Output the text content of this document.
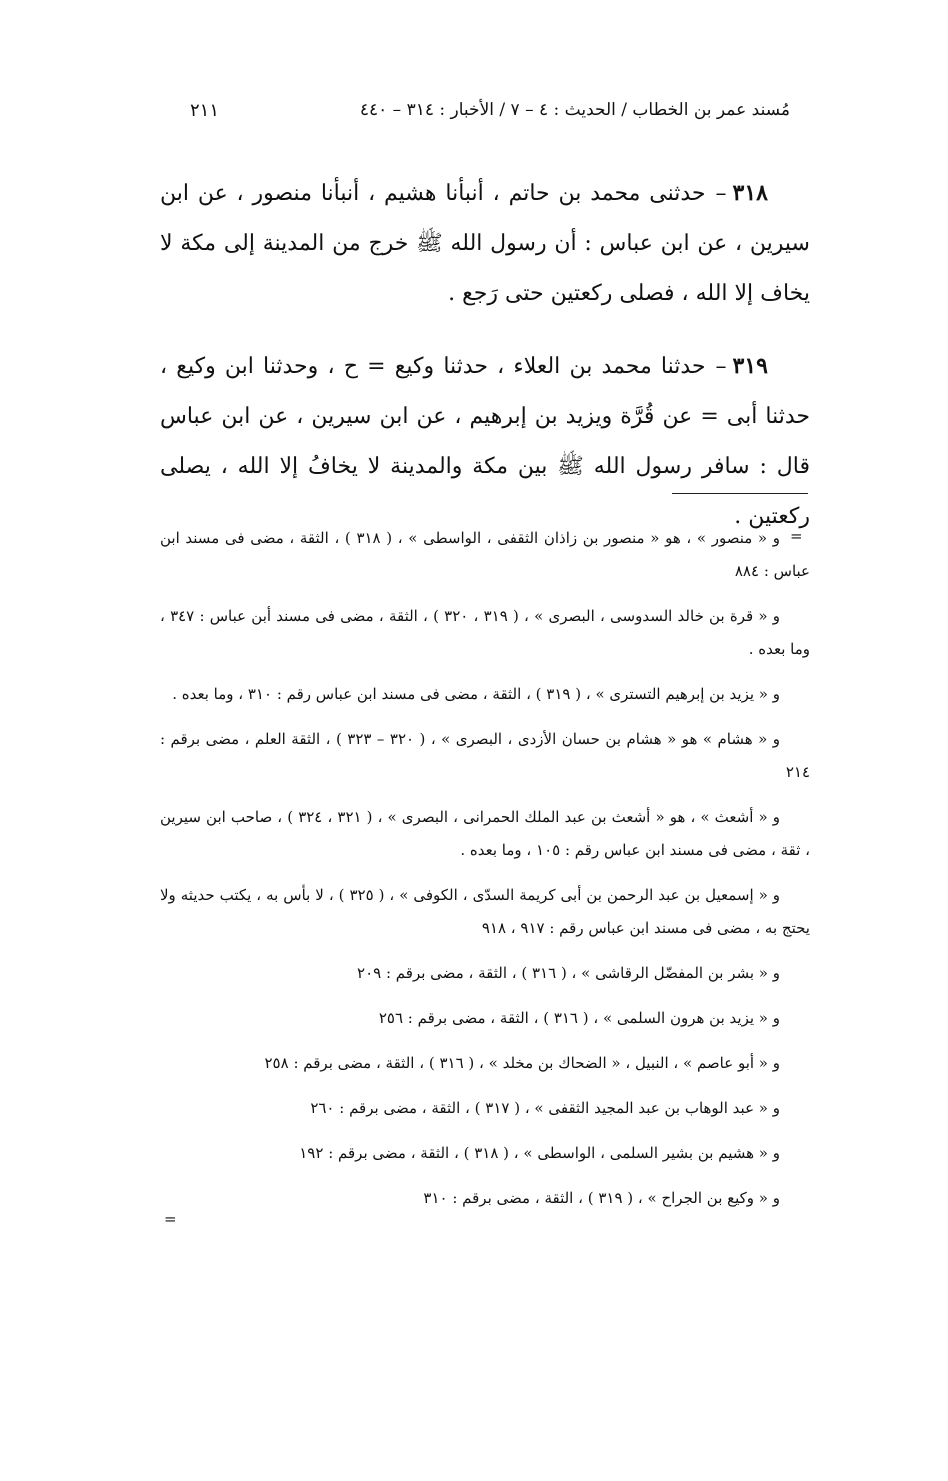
مُسند عمر بن الخطاب / الحديث : ٤ – ٧ / الأخبار : ٣١٤ – ٤٤٠
٢١١

٣١٨–حدثنى محمد بن حاتم ، أنبأنا هشيم ، أنبأنا منصور ، عن ابن سيرين ، عن ابن عباس : أن رسول الله ﷺ خرج من المدينة إلى مكة لا يخاف إلا الله ، فصلى ركعتين حتى رَجع .

٣١٩–حدثنا محمد بن العلاء ، حدثنا وكيع = ح ، وحدثنا ابن وكيع ، حدثنا أبى = عن قُرَّة ويزيد بن إبرهيم ، عن ابن سيرين ، عن ابن عباس قال : سافر رسول الله ﷺ بين مكة والمدينة لا يخافُ إلا الله ، يصلى ركعتين .

=

و « منصور » ، هو « منصور بن زاذان الثقفى ، الواسطى » ، ( ٣١٨ ) ، الثقة ، مضى فى مسند ابن عباس : ٨٨٤

و « قرة بن خالد السدوسى ، البصرى » ، ( ٣١٩ ، ٣٢٠ ) ، الثقة ، مضى فى مسند أبن عباس : ٣٤٧ ، وما بعده .

و « يزيد بن إبرهيم التسترى » ، ( ٣١٩ ) ، الثقة ، مضى فى مسند ابن عباس رقم : ٣١٠ ، وما بعده .

و « هشام » هو « هشام بن حسان الأزدى ، البصرى » ، ( ٣٢٠ – ٣٢٣ ) ، الثقة العلم ، مضى برقم : ٢١٤

و « أشعث » ، هو « أشعث بن عبد الملك الحمرانى ، البصرى » ، ( ٣٢١ ، ٣٢٤ ) ، صاحب ابن سيرين ، ثقة ، مضى فى مسند ابن عباس رقم : ١٠٥ ، وما بعده .

و « إسمعيل بن عبد الرحمن بن أبى كريمة السدّى ، الكوفى » ، ( ٣٢٥ ) ، لا بأس به ، يكتب حديثه ولا يحتج به ، مضى فى مسند ابن عباس رقم : ٩١٧ ، ٩١٨

و « بشر بن المفضّل الرقاشى » ، ( ٣١٦ ) ، الثقة ، مضى برقم : ٢٠٩

و « يزيد بن هرون السلمى » ، ( ٣١٦ ) ، الثقة ، مضى برقم : ٢٥٦

و « أبو عاصم » ، النبيل ، « الضحاك بن مخلد » ، ( ٣١٦ ) ، الثقة ، مضى برقم : ٢٥٨

و « عبد الوهاب بن عبد المجيد الثقفى » ، ( ٣١٧ ) ، الثقة ، مضى برقم : ٢٦٠

و « هشيم بن بشير السلمى ، الواسطى » ، ( ٣١٨ ) ، الثقة ، مضى برقم : ١٩٢

و « وكيع بن الجراح » ، ( ٣١٩ ) ، الثقة ، مضى برقم : ٣١٠

=
